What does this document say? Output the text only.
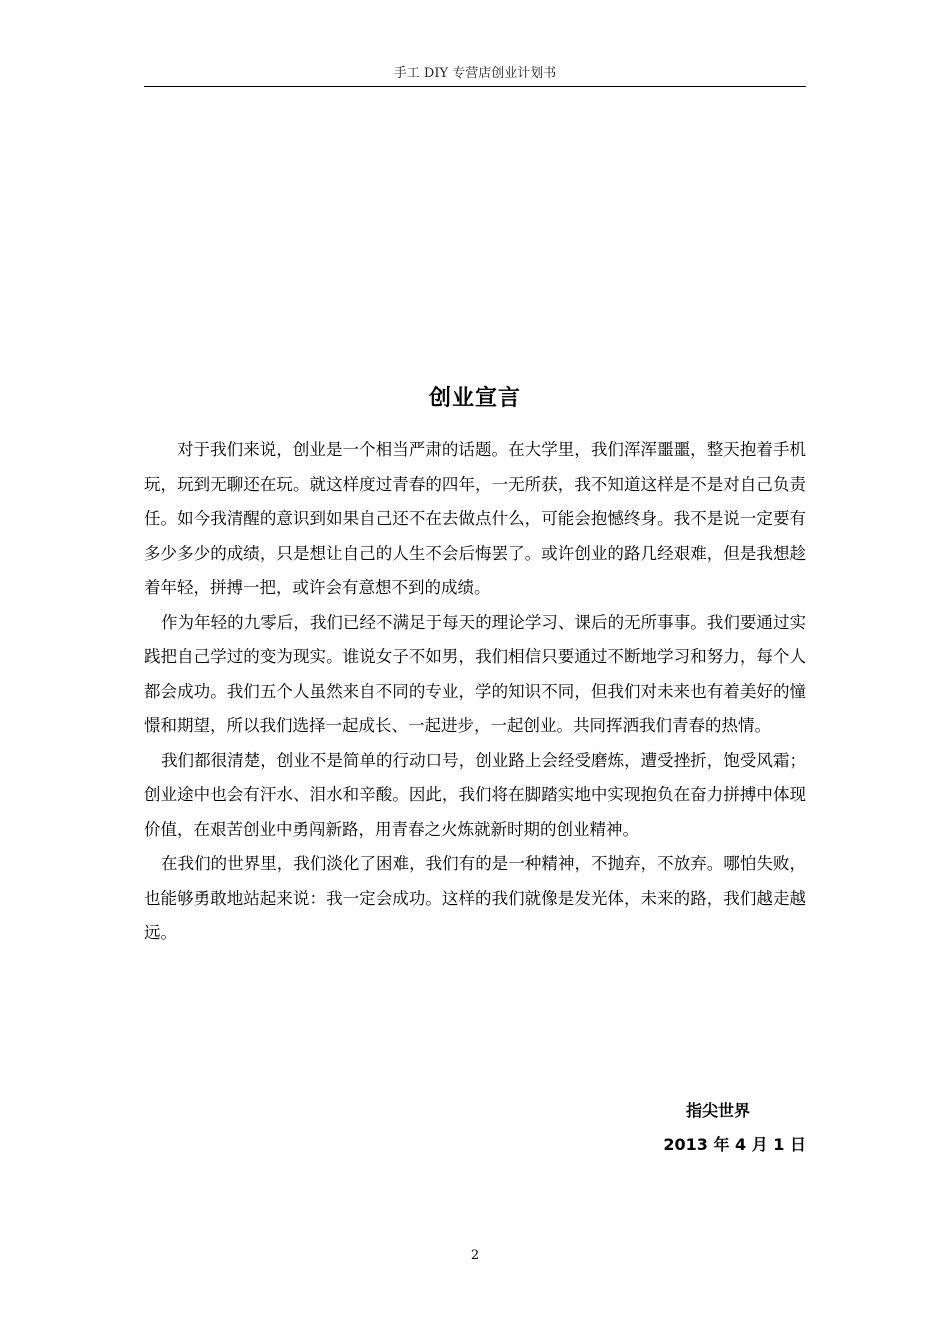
手工 DIY 专营店创业计划书
创业宣言

对于我们来说，创业是一个相当严肃的话题。在大学里，我们浑浑噩噩，整天抱着手机玩，玩到无聊还在玩。就这样度过青春的四年，一无所获，我不知道这样是不是对自己负责任。如今我清醒的意识到如果自己还不在去做点什么，可能会抱憾终身。我不是说一定要有多少多少的成绩，只是想让自己的人生不会后悔罢了。或许创业的路几经艰难，但是我想趁着年轻，拼搏一把，或许会有意想不到的成绩。

作为年轻的九零后，我们已经不满足于每天的理论学习、课后的无所事事。我们要通过实践把自己学过的变为现实。谁说女子不如男，我们相信只要通过不断地学习和努力，每个人都会成功。我们五个人虽然来自不同的专业，学的知识不同，但我们对未来也有着美好的憧憬和期望，所以我们选择一起成长、一起进步，一起创业。共同挥洒我们青春的热情。

我们都很清楚，创业不是简单的行动口号，创业路上会经受磨炼，遭受挫折，饱受风霜；创业途中也会有汗水、泪水和辛酸。因此，我们将在脚踏实地中实现抱负在奋力拼搏中体现价值，在艰苦创业中勇闯新路，用青春之火炼就新时期的创业精神。

在我们的世界里，我们淡化了困难，我们有的是一种精神，不抛弃，不放弃。哪怕失败，也能够勇敢地站起来说：我一定会成功。这样的我们就像是发光体，未来的路，我们越走越远。

指尖世界
2013 年 4 月 1 日
2
